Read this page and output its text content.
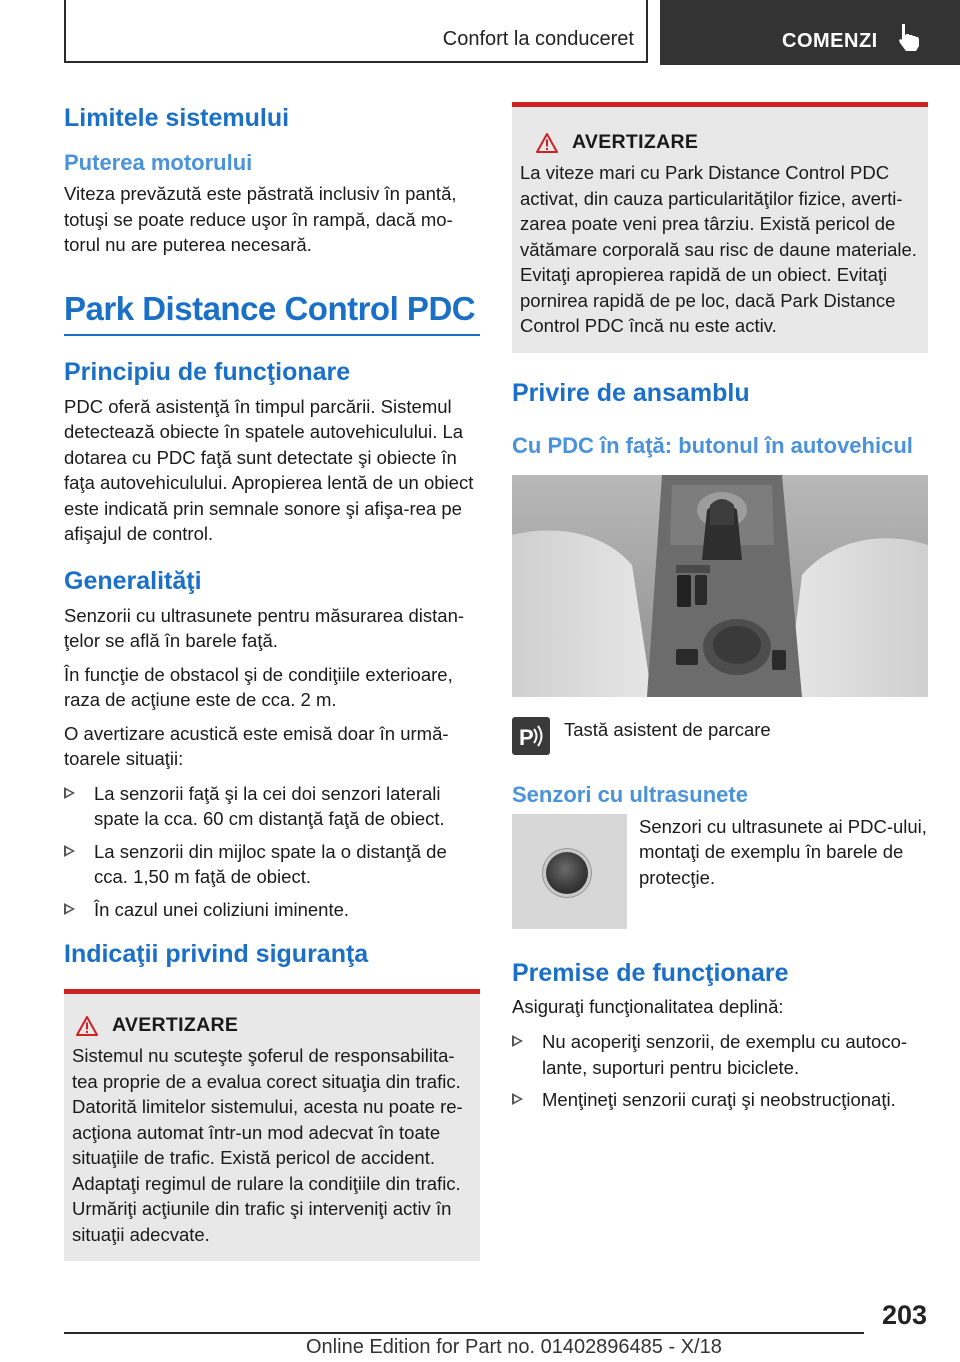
Confort la conduceret	COMENZI
Limitele sistemului
Puterea motorului

Viteza prevăzută este păstrată inclusiv în pantă, totuşi se poate reduce uşor în rampă, dacă mo‐torul nu are puterea necesară.

Park Distance Control PDC
Principiu de funcţionare

PDC oferă asistenţă în timpul parcării. Sistemul detectează obiecte în spatele autovehiculului. La dotarea cu PDC faţă sunt detectate şi obiecte în faţa autovehiculului. Apropierea lentă de un obiect este indicată prin semnale sonore şi afişa‐rea pe afişajul de control.

Generalităţi

Senzorii cu ultrasunete pentru măsurarea distan‐ţelor se află în barele faţă.

În funcţie de obstacol şi de condiţiile exterioare, raza de acţiune este de cca. 2 m.

O avertizare acustică este emisă doar în urmă‐toarele situaţii:

La senzorii faţă şi la cei doi senzori laterali spate la cca. 60 cm distanţă faţă de obiect.
La senzorii din mijloc spate la o distanţă de cca. 1,50 m faţă de obiect.
În cazul unei coliziuni iminente.
Indicaţii privind siguranţa
AVERTIZARE

Sistemul nu scuteşte şoferul de responsabilita‐tea proprie de a evalua corect situaţia din trafic. Datorită limitelor sistemului, acesta nu poate re‐acţiona automat într-un mod adecvat în toate situaţiile de trafic. Există pericol de accident. Adaptaţi regimul de rulare la condiţiile din trafic. Urmăriţi acţiunile din trafic şi interveniţi activ în situaţii adecvate.

AVERTIZARE

La viteze mari cu Park Distance Control PDC activat, din cauza particularităţilor fizice, averti‐zarea poate veni prea târziu. Există pericol de vătămare corporală sau risc de daune materiale. Evitaţi apropierea rapidă de un obiect. Evitaţi pornirea rapidă de pe loc, dacă Park Distance Control PDC încă nu este activ.

Privire de ansamblu
Cu PDC în faţă: butonul în autovehicul
P Tastă asistent de parcare

Senzori cu ultrasunete

Senzori cu ultrasunete ai PDC-ului, montaţi de exemplu în barele de protecţie.

Premise de funcţionare

Asiguraţi funcţionalitatea deplină:

Nu acoperiţi senzorii, de exemplu cu autoco‐lante, suporturi pentru biciclete.
Menţineţi senzorii curaţi şi neobstrucţionaţi.
203
Online Edition for Part no. 01402896485 - X/18
